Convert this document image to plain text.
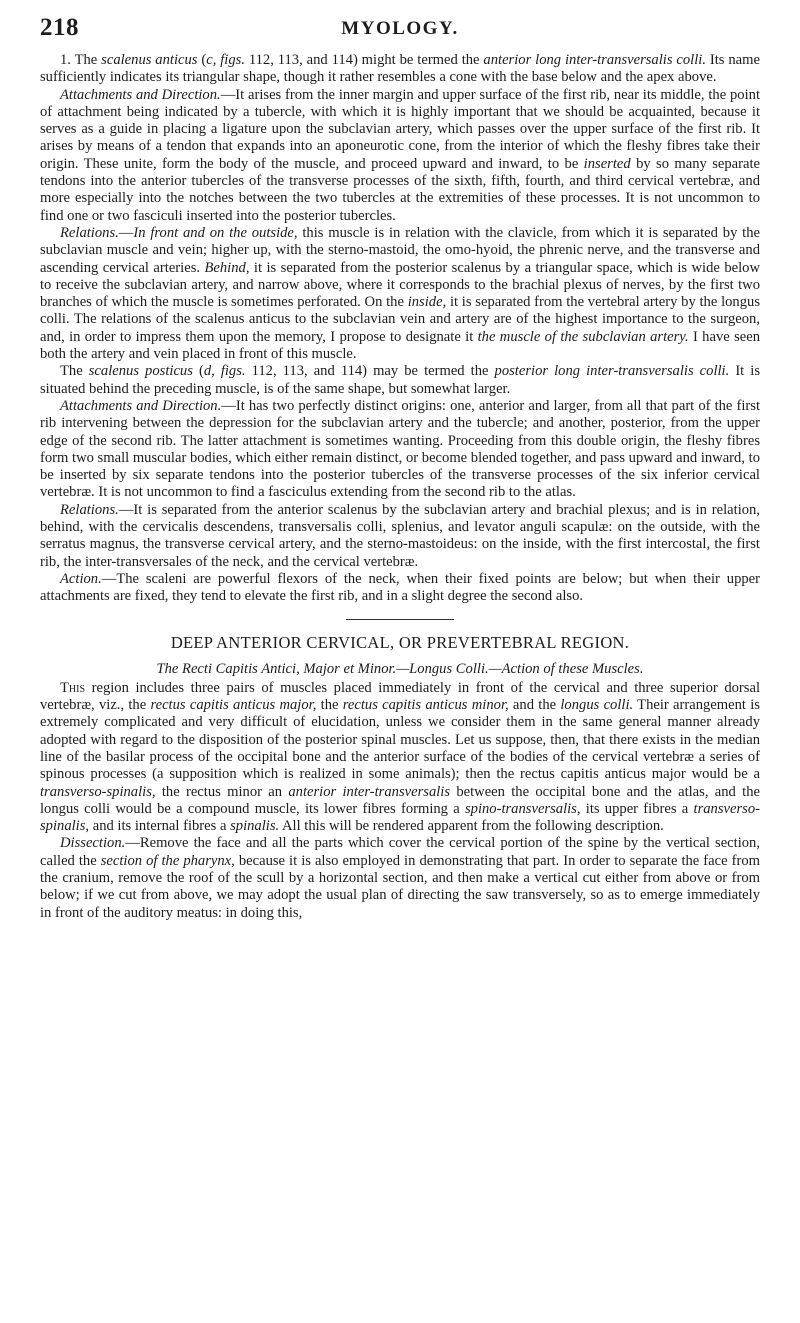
218	MYOLOGY.

1. The scalenus anticus (c, figs. 112, 113, and 114) might be termed the anterior long inter-transversalis colli. Its name sufficiently indicates its triangular shape, though it rather resembles a cone with the base below and the apex above.

Attachments and Direction.—It arises from the inner margin and upper surface of the first rib, near its middle, the point of attachment being indicated by a tubercle, with which it is highly important that we should be acquainted, because it serves as a guide in placing a ligature upon the subclavian artery, which passes over the upper surface of the first rib. It arises by means of a tendon that expands into an aponeurotic cone, from the interior of which the fleshy fibres take their origin. These unite, form the body of the muscle, and proceed upward and inward, to be inserted by so many separate tendons into the anterior tubercles of the transverse processes of the sixth, fifth, fourth, and third cervical vertebræ, and more especially into the notches between the two tubercles at the extremities of these processes. It is not uncommon to find one or two fasciculi inserted into the posterior tubercles.

Relations.—In front and on the outside, this muscle is in relation with the clavicle, from which it is separated by the subclavian muscle and vein; higher up, with the sterno-mastoid, the omo-hyoid, the phrenic nerve, and the transverse and ascending cervical arteries. Behind, it is separated from the posterior scalenus by a triangular space, which is wide below to receive the subclavian artery, and narrow above, where it corresponds to the brachial plexus of nerves, by the first two branches of which the muscle is sometimes perforated. On the inside, it is separated from the vertebral artery by the longus colli. The relations of the scalenus anticus to the subclavian vein and artery are of the highest importance to the surgeon, and, in order to impress them upon the memory, I propose to designate it the muscle of the subclavian artery. I have seen both the artery and vein placed in front of this muscle.

The scalenus posticus (d, figs. 112, 113, and 114) may be termed the posterior long inter-transversalis colli. It is situated behind the preceding muscle, is of the same shape, but somewhat larger.

Attachments and Direction.—It has two perfectly distinct origins: one, anterior and larger, from all that part of the first rib intervening between the depression for the subclavian artery and the tubercle; and another, posterior, from the upper edge of the second rib. The latter attachment is sometimes wanting. Proceeding from this double origin, the fleshy fibres form two small muscular bodies, which either remain distinct, or become blended together, and pass upward and inward, to be inserted by six separate tendons into the posterior tubercles of the transverse processes of the six inferior cervical vertebræ. It is not uncommon to find a fasciculus extending from the second rib to the atlas.

Relations.—It is separated from the anterior scalenus by the subclavian artery and brachial plexus; and is in relation, behind, with the cervicalis descendens, transversalis colli, splenius, and levator anguli scapulæ: on the outside, with the serratus magnus, the transverse cervical artery, and the sterno-mastoideus: on the inside, with the first intercostal, the first rib, the inter-transversales of the neck, and the cervical vertebræ.

Action.—The scaleni are powerful flexors of the neck, when their fixed points are below; but when their upper attachments are fixed, they tend to elevate the first rib, and in a slight degree the second also.

DEEP ANTERIOR CERVICAL, OR PREVERTEBRAL REGION.

The Recti Capitis Antici, Major et Minor.—Longus Colli.—Action of these Muscles.

This region includes three pairs of muscles placed immediately in front of the cervical and three superior dorsal vertebræ, viz., the rectus capitis anticus major, the rectus capitis anticus minor, and the longus colli. Their arrangement is extremely complicated and very difficult of elucidation, unless we consider them in the same general manner already adopted with regard to the disposition of the posterior spinal muscles. Let us suppose, then, that there exists in the median line of the basilar process of the occipital bone and the anterior surface of the bodies of the cervical vertebræ a series of spinous processes (a supposition which is realized in some animals); then the rectus capitis anticus major would be a transverso-spinalis, the rectus minor an anterior inter-transversalis between the occipital bone and the atlas, and the longus colli would be a compound muscle, its lower fibres forming a spino-transversalis, its upper fibres a transverso-spinalis, and its internal fibres a spinalis. All this will be rendered apparent from the following description.

Dissection.—Remove the face and all the parts which cover the cervical portion of the spine by the vertical section, called the section of the pharynx, because it is also employed in demonstrating that part. In order to separate the face from the cranium, remove the roof of the scull by a horizontal section, and then make a vertical cut either from above or from below; if we cut from above, we may adopt the usual plan of directing the saw transversely, so as to emerge immediately in front of the auditory meatus: in doing this,
